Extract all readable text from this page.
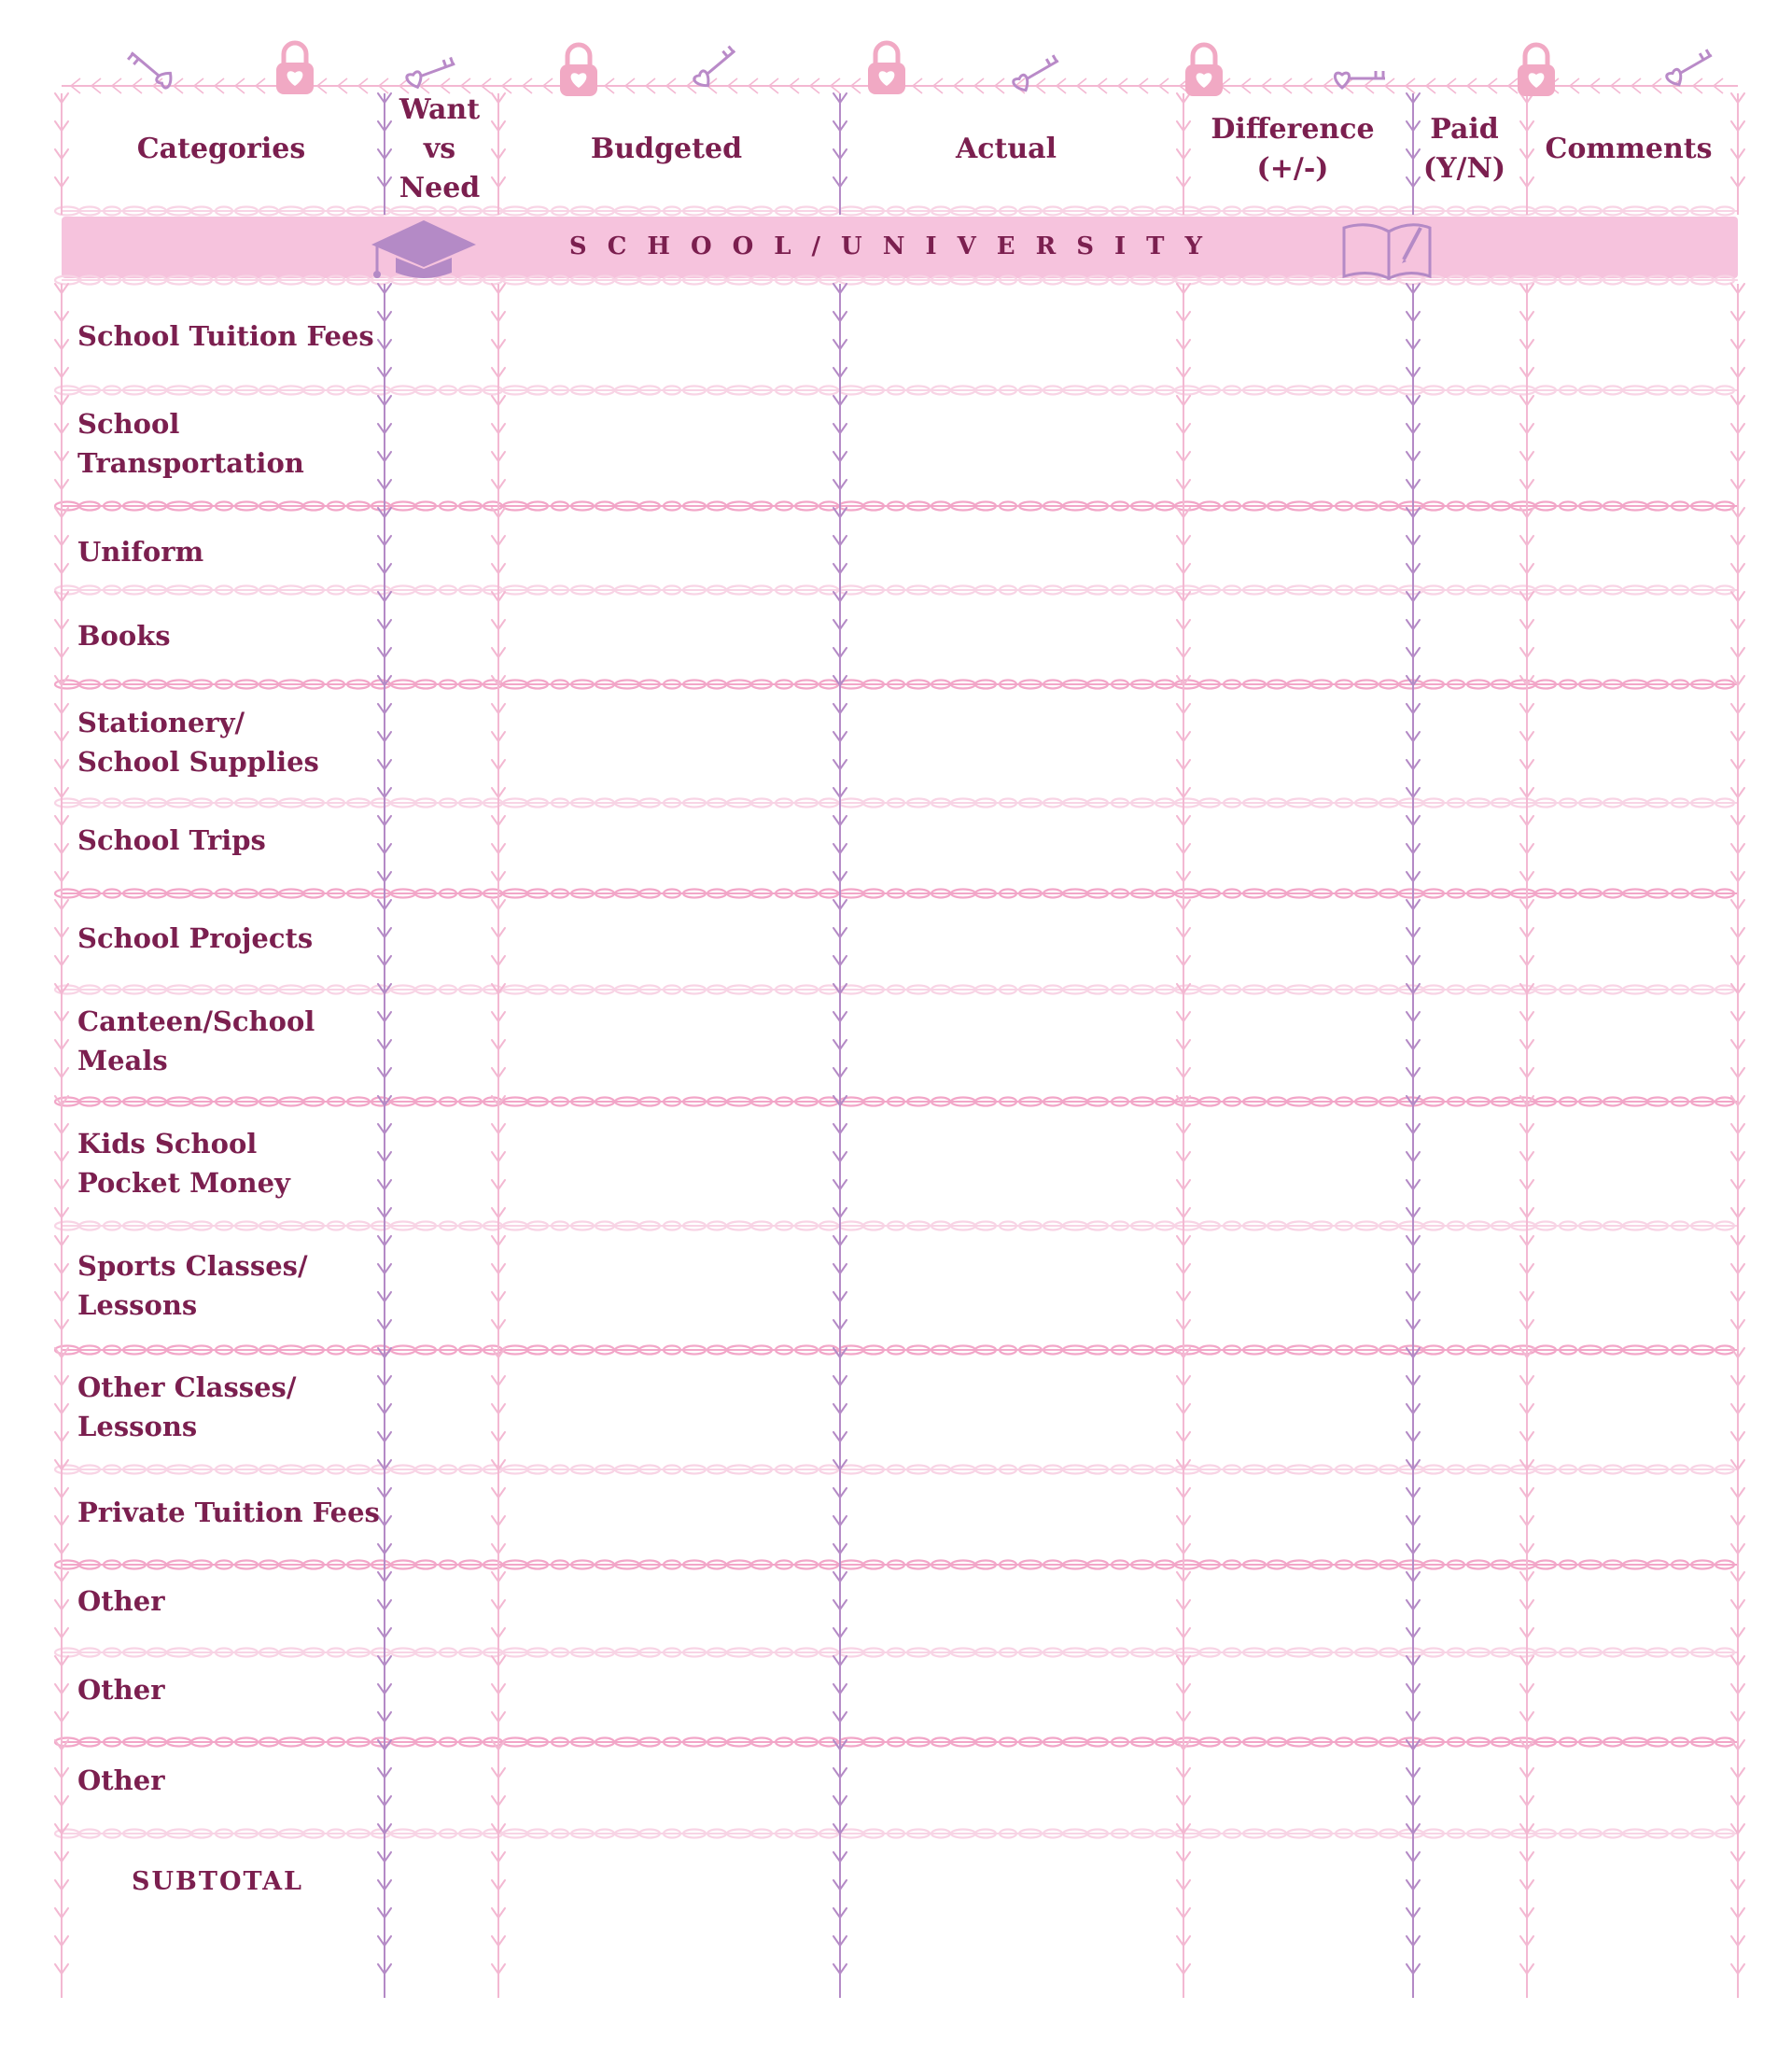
Categories
Want
vs
Need
Budgeted	Actual
Difference
(+/-)
Paid
(Y/N)
Comments
SCHOOL/UNIVERSITY
School Tuition Fees
School
Transportation
Uniform
Books
Stationery/
School Supplies
School Trips
School Projects
Canteen/School
Meals
Kids School
Pocket Money
Sports Classes/
Lessons
Other Classes/
Lessons
Private Tuition Fees
Other
Other
Other
SUBTOTAL
